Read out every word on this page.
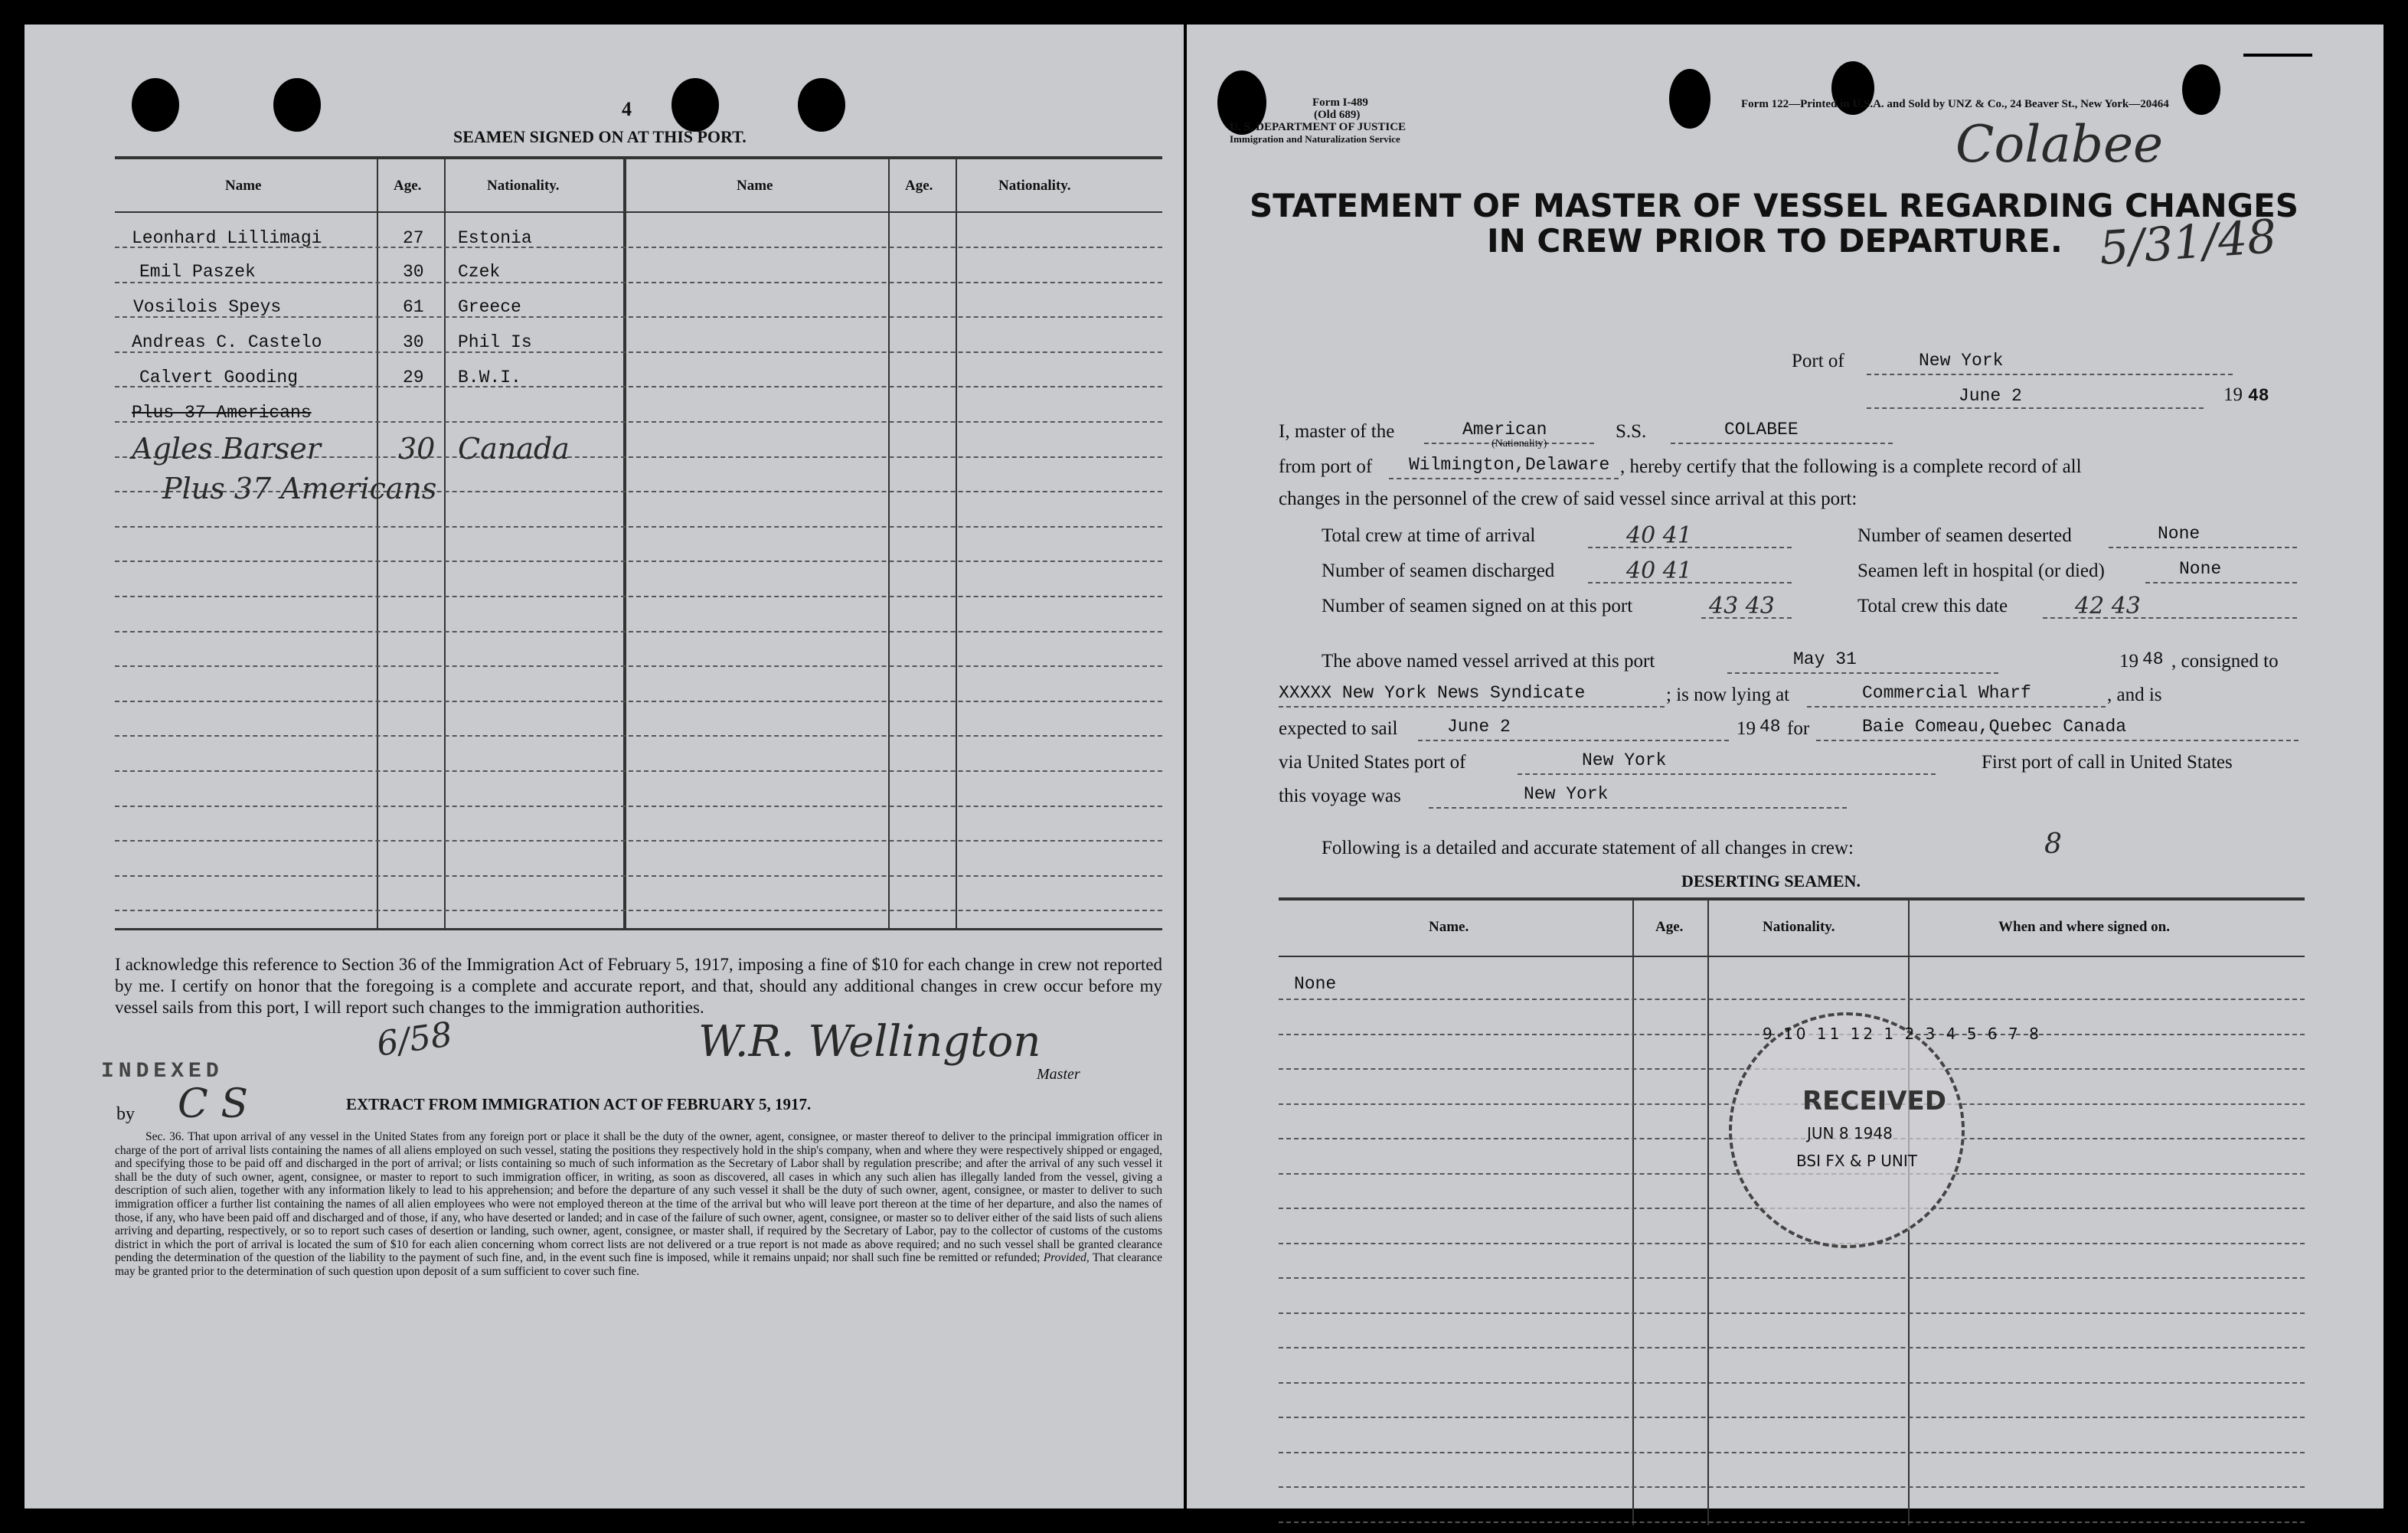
4
SEAMEN SIGNED ON AT THIS PORT.
Name	Age.	Nationality.	Name	Age.	Nationality.
Leonhard Lillimagi	27 Estonia
Emil Paszek	30 Czek
Vosilois Speys	61 Greece
Andreas C. Castelo	30 Phil Is
Calvert Gooding	29 B.W.I.
Plus 37 Americans
Agles Barser	30 Canada
Plus 37 Americans
I acknowledge this reference to Section 36 of the Immigration Act of February 5, 1917, imposing a fine of $10 for each change in crew not reported by me. I certify on honor that the foregoing is a complete and accurate report, and that, should any additional changes in crew occur before my vessel sails from this port, I will report such changes to the immigration authorities.
INDEXED
by C S
6/58	W.R. Wellington
Master
EXTRACT FROM IMMIGRATION ACT OF FEBRUARY 5, 1917.
Sec. 36. That upon arrival of any vessel in the United States from any foreign port or place it shall be the duty of the owner, agent, consignee, or master thereof to deliver to the principal immigration officer in charge of the port of arrival lists containing the names of all aliens employed on such vessel, stating the positions they respectively hold in the ship's company, when and where they were respectively shipped or engaged, and specifying those to be paid off and discharged in the port of arrival; or lists containing so much of such information as the Secretary of Labor shall by regulation prescribe; and after the arrival of any such vessel it shall be the duty of such owner, agent, consignee, or master to report to such immigration officer, in writing, as soon as discovered, all cases in which any such alien has illegally landed from the vessel, giving a description of such alien, together with any information likely to lead to his apprehension; and before the departure of any such vessel it shall be the duty of such owner, agent, consignee, or master to deliver to such immigration officer a further list containing the names of all alien employees who were not employed thereon at the time of the arrival but who will leave port thereon at the time of her departure, and also the names of those, if any, who have been paid off and discharged and of those, if any, who have deserted or landed; and in case of the failure of such owner, agent, consignee, or master so to deliver either of the said lists of such aliens arriving and departing, respectively, or so to report such cases of desertion or landing, such owner, agent, consignee, or master shall, if required by the Secretary of Labor, pay to the collector of customs of the customs district in which the port of arrival is located the sum of $10 for each alien concerning whom correct lists are not delivered or a true report is not made as above required; and no such vessel shall be granted clearance pending the determination of the question of the liability to the payment of such fine, and, in the event such fine is imposed, while it remains unpaid; nor shall such fine be remitted or refunded; Provided, That clearance may be granted prior to the determination of such question upon deposit of a sum sufficient to cover such fine.
Form I-489
(Old 689)
U. S. DEPARTMENT OF JUSTICE
Immigration and Naturalization Service
Form 122—Printed in U.S.A. and Sold by UNZ & Co., 24 Beaver St., New York—20464
Colabee
5/31/48
STATEMENT OF MASTER OF VESSEL REGARDING CHANGES
IN CREW PRIOR TO DEPARTURE.
Port of	New York
June 2	19 48
I, master of the	American
(Nationality)
S.S.	COLABEE
from port of Wilmington,Delaware , hereby certify that the following is a complete record of all
changes in the personnel of the crew of said vessel since arrival at this port:
Total crew at time of arrival	40 41	Number of seamen deserted	None
Number of seamen discharged	40 41	Seamen left in hospital (or died)	None
Number of seamen signed on at this port	43 43	Total crew this date	42 43
The above named vessel arrived at this port	May 31	19 48 , consigned to
XXXXX New York News Syndicate	; is now lying at	Commercial Wharf	, and is
expected to sail	June 2	19 48 for	Baie Comeau,Quebec Canada
via United States port of	New York	First port of call in United States
this voyage was	New York
Following is a detailed and accurate statement of all changes in crew:	8
DESERTING SEAMEN.
Name.	Age.	Nationality.	When and where signed on.
None
RECEIVED
JUN 8 1948
BSI FX & P UNIT
9 10 11 12 1 2 3 4 5 6 7 8
